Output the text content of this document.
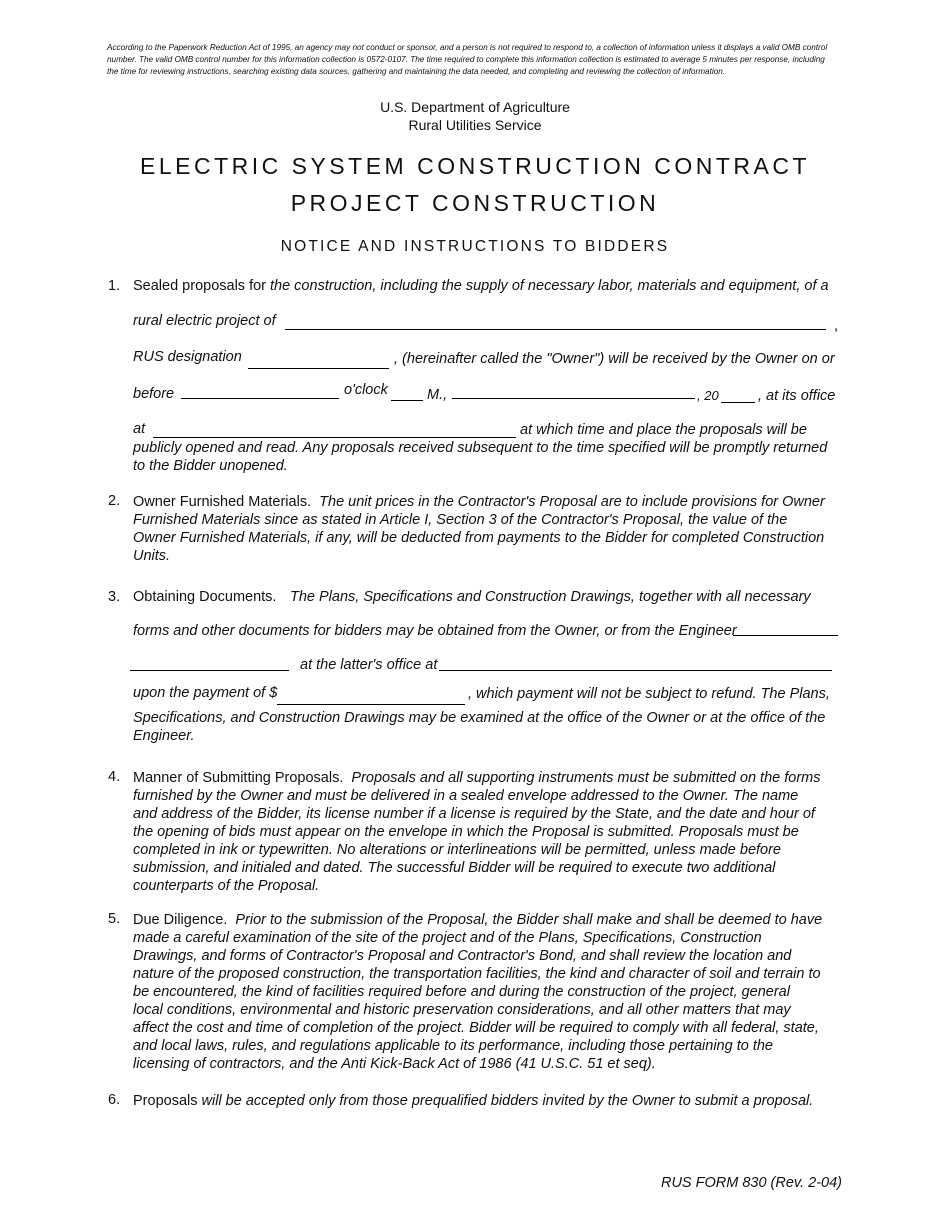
According to the Paperwork Reduction Act of 1995, an agency may not conduct or sponsor, and a person is not required to respond to, a collection of information unless it displays a valid OMB control number. The valid OMB control number for this information collection is 0572-0107. The time required to complete this information collection is estimated to average 5 minutes per response, including the time for reviewing instructions, searching existing data sources, gathering and maintaining the data needed, and completing and reviewing the collection of information.
U.S. Department of Agriculture
Rural Utilities Service
ELECTRIC SYSTEM CONSTRUCTION CONTRACT
PROJECT CONSTRUCTION
NOTICE AND INSTRUCTIONS TO BIDDERS
1. Sealed proposals for the construction, including the supply of necessary labor, materials and equipment, of a
rural electric project of	,
RUS designation	, (hereinafter called the "Owner") will be received by the Owner on or
before	o'clock	M.,	, 20	, at its office
at	at which time and place the proposals will be
publicly opened and read. Any proposals received subsequent to the time specified will be promptly returned to the Bidder unopened.
2. Owner Furnished Materials. The unit prices in the Contractor's Proposal are to include provisions for Owner Furnished Materials since as stated in Article I, Section 3 of the Contractor's Proposal, the value of the Owner Furnished Materials, if any, will be deducted from payments to the Bidder for completed Construction Units.
3. Obtaining Documents. The Plans, Specifications and Construction Drawings, together with all necessary
forms and other documents for bidders may be obtained from the Owner, or from the Engineer
at the latter's office at
upon the payment of $	, which payment will not be subject to refund. The Plans,
Specifications, and Construction Drawings may be examined at the office of the Owner or at the office of the Engineer.
4. Manner of Submitting Proposals. Proposals and all supporting instruments must be submitted on the forms furnished by the Owner and must be delivered in a sealed envelope addressed to the Owner. The name and address of the Bidder, its license number if a license is required by the State, and the date and hour of the opening of bids must appear on the envelope in which the Proposal is submitted. Proposals must be completed in ink or typewritten. No alterations or interlineations will be permitted, unless made before submission, and initialed and dated. The successful Bidder will be required to execute two additional counterparts of the Proposal.
5. Due Diligence. Prior to the submission of the Proposal, the Bidder shall make and shall be deemed to have made a careful examination of the site of the project and of the Plans, Specifications, Construction Drawings, and forms of Contractor's Proposal and Contractor's Bond, and shall review the location and nature of the proposed construction, the transportation facilities, the kind and character of soil and terrain to be encountered, the kind of facilities required before and during the construction of the project, general local conditions, environmental and historic preservation considerations, and all other matters that may affect the cost and time of completion of the project. Bidder will be required to comply with all federal, state, and local laws, rules, and regulations applicable to its performance, including those pertaining to the licensing of contractors, and the Anti Kick-Back Act of 1986 (41 U.S.C. 51 et seq).
6. Proposals will be accepted only from those prequalified bidders invited by the Owner to submit a proposal.
RUS FORM 830 (Rev. 2-04)
